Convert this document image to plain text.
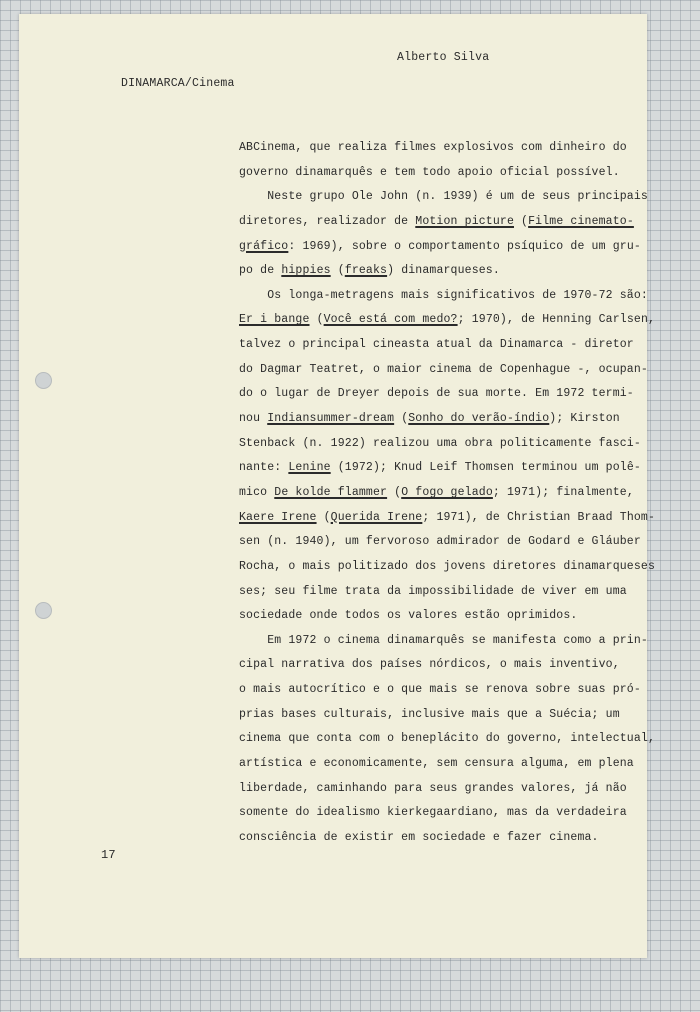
Alberto Silva
DINAMARCA/Cinema
ABCinema, que realiza filmes explosivos com dinheiro do
governo dinamarquês e tem todo apoio oficial possível.
Neste grupo Ole John (n. 1939) é um de seus principais
diretores, realizador de Motion picture (Filme cinemato-
gráfico: 1969), sobre o comportamento psíquico de um gru-
po de hippies (freaks) dinamarqueses.
Os longa-metragens mais significativos de 1970-72 são:
Er i bange (Você está com medo?; 1970), de Henning Carlsen,
talvez o principal cineasta atual da Dinamarca - diretor
do Dagmar Teatret, o maior cinema de Copenhague -, ocupan-
do o lugar de Dreyer depois de sua morte. Em 1972 termi-
nou Indiansummer-dream (Sonho do verão-índio); Kirston
Stenback (n. 1922) realizou uma obra politicamente fasci-
nante: Lenine (1972); Knud Leif Thomsen terminou um polê-
mico De kolde flammer (O fogo gelado; 1971); finalmente,
Kaere Irene (Querida Irene; 1971), de Christian Braad Thom-
sen (n. 1940), um fervoroso admirador de Godard e Gláuber
Rocha, o mais politizado dos jovens diretores dinamarqueses
ses; seu filme trata da impossibilidade de viver em uma
sociedade onde todos os valores estão oprimidos.
Em 1972 o cinema dinamarquês se manifesta como a prin-
cipal narrativa dos países nórdicos, o mais inventivo,
o mais autocrítico e o que mais se renova sobre suas pró-
prias bases culturais, inclusive mais que a Suécia; um
cinema que conta com o beneplácito do governo, intelectual,
artística e economicamente, sem censura alguma, em plena
liberdade, caminhando para seus grandes valores, já não
somente do idealismo kierkegaardiano, mas da verdadeira
consciência de existir em sociedade e fazer cinema.
17
